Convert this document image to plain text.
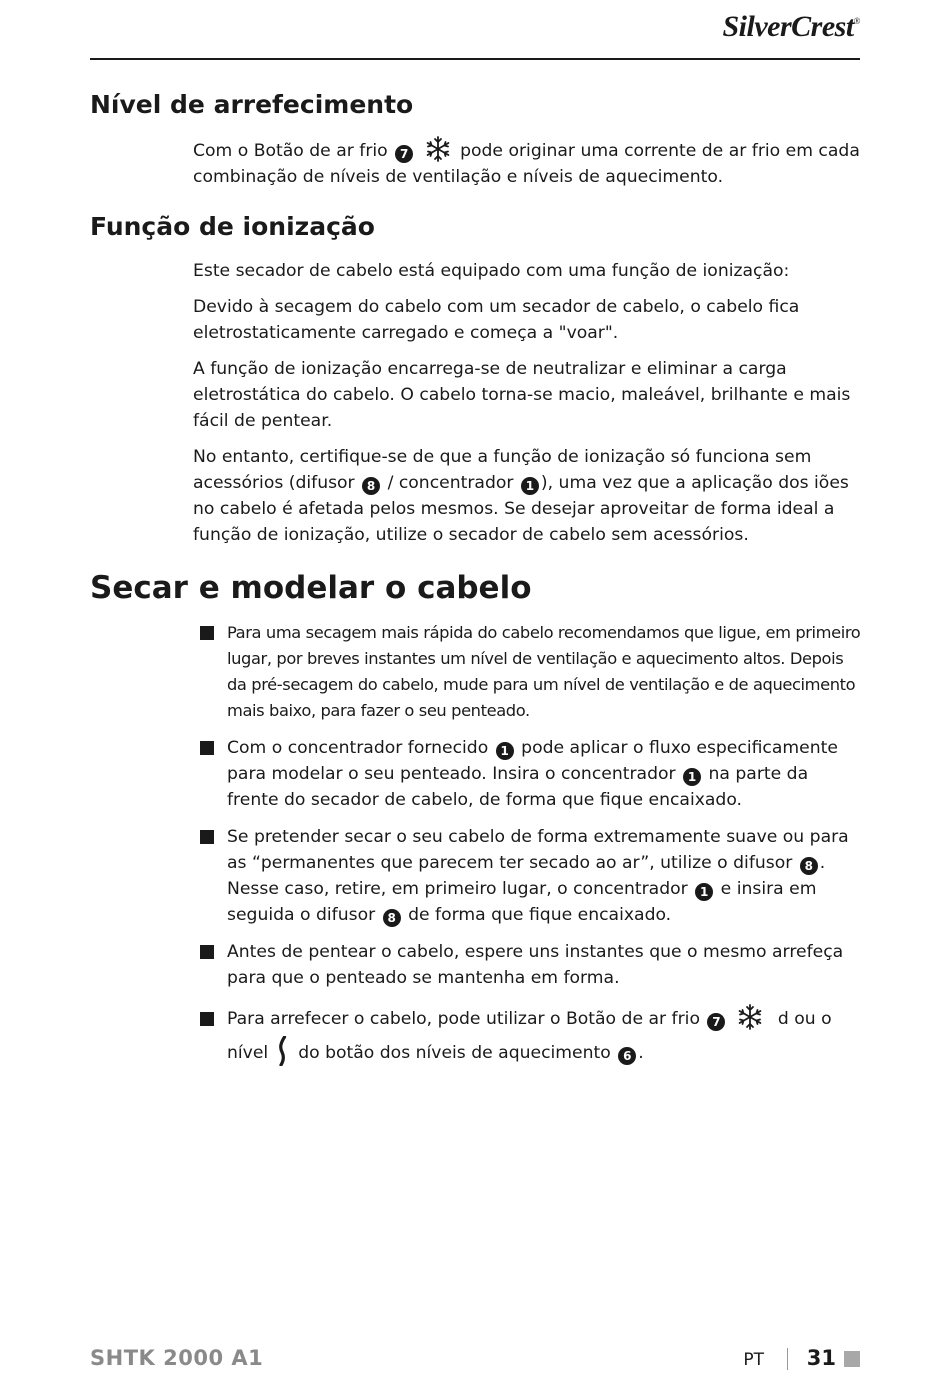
SilverCrest®
Nível de arrefecimento

Com o Botão de ar frio 7	pode originar uma corrente de ar frio em cada combinação de níveis de ventilação e níveis de aquecimento.

Função de ionização

Este secador de cabelo está equipado com uma função de ionização:

Devido à secagem do cabelo com um secador de cabelo, o cabelo fica eletrostaticamente carregado e começa a "voar".

A função de ionização encarrega-se de neutralizar e eliminar a carga eletrostática do cabelo. O cabelo torna-se macio, maleável, brilhante e mais fácil de pentear.

No entanto, certifique-se de que a função de ionização só funciona sem acessórios (difusor 8 / concentrador 1 ), uma vez que a aplicação dos iões no cabelo é afetada pelos mesmos. Se desejar aproveitar de forma ideal a função de ionização, utilize o secador de cabelo sem acessórios.

Secar e modelar o cabelo
Para uma secagem mais rápida do cabelo recomendamos que ligue, em primeiro lugar, por breves instantes um nível de ventilação e aquecimento altos. Depois da pré-secagem do cabelo, mude para um nível de ventilação e de aquecimento mais baixo, para fazer o seu penteado.
Com o concentrador fornecido 1 pode aplicar o fluxo especificamente para modelar o seu penteado. Insira o concentrador 1 na parte da frente do secador de cabelo, de forma que fique encaixado.
Se pretender secar o seu cabelo de forma extremamente suave ou para as “permanentes que parecem ter secado ao ar”, utilize o difusor 8 . Nesse caso, retire, em primeiro lugar, o concentrador 1 e insira em seguida o difusor 8 de forma que fique encaixado.
Antes de pentear o cabelo, espere uns instantes que o mesmo arrefeça para que o penteado se mantenha em forma.
Para arrefecer o cabelo, pode utilizar o Botão de ar frio 7	d ou o
nível do botão dos níveis de aquecimento 6 .
SHTK 2000 A1	PT 31
